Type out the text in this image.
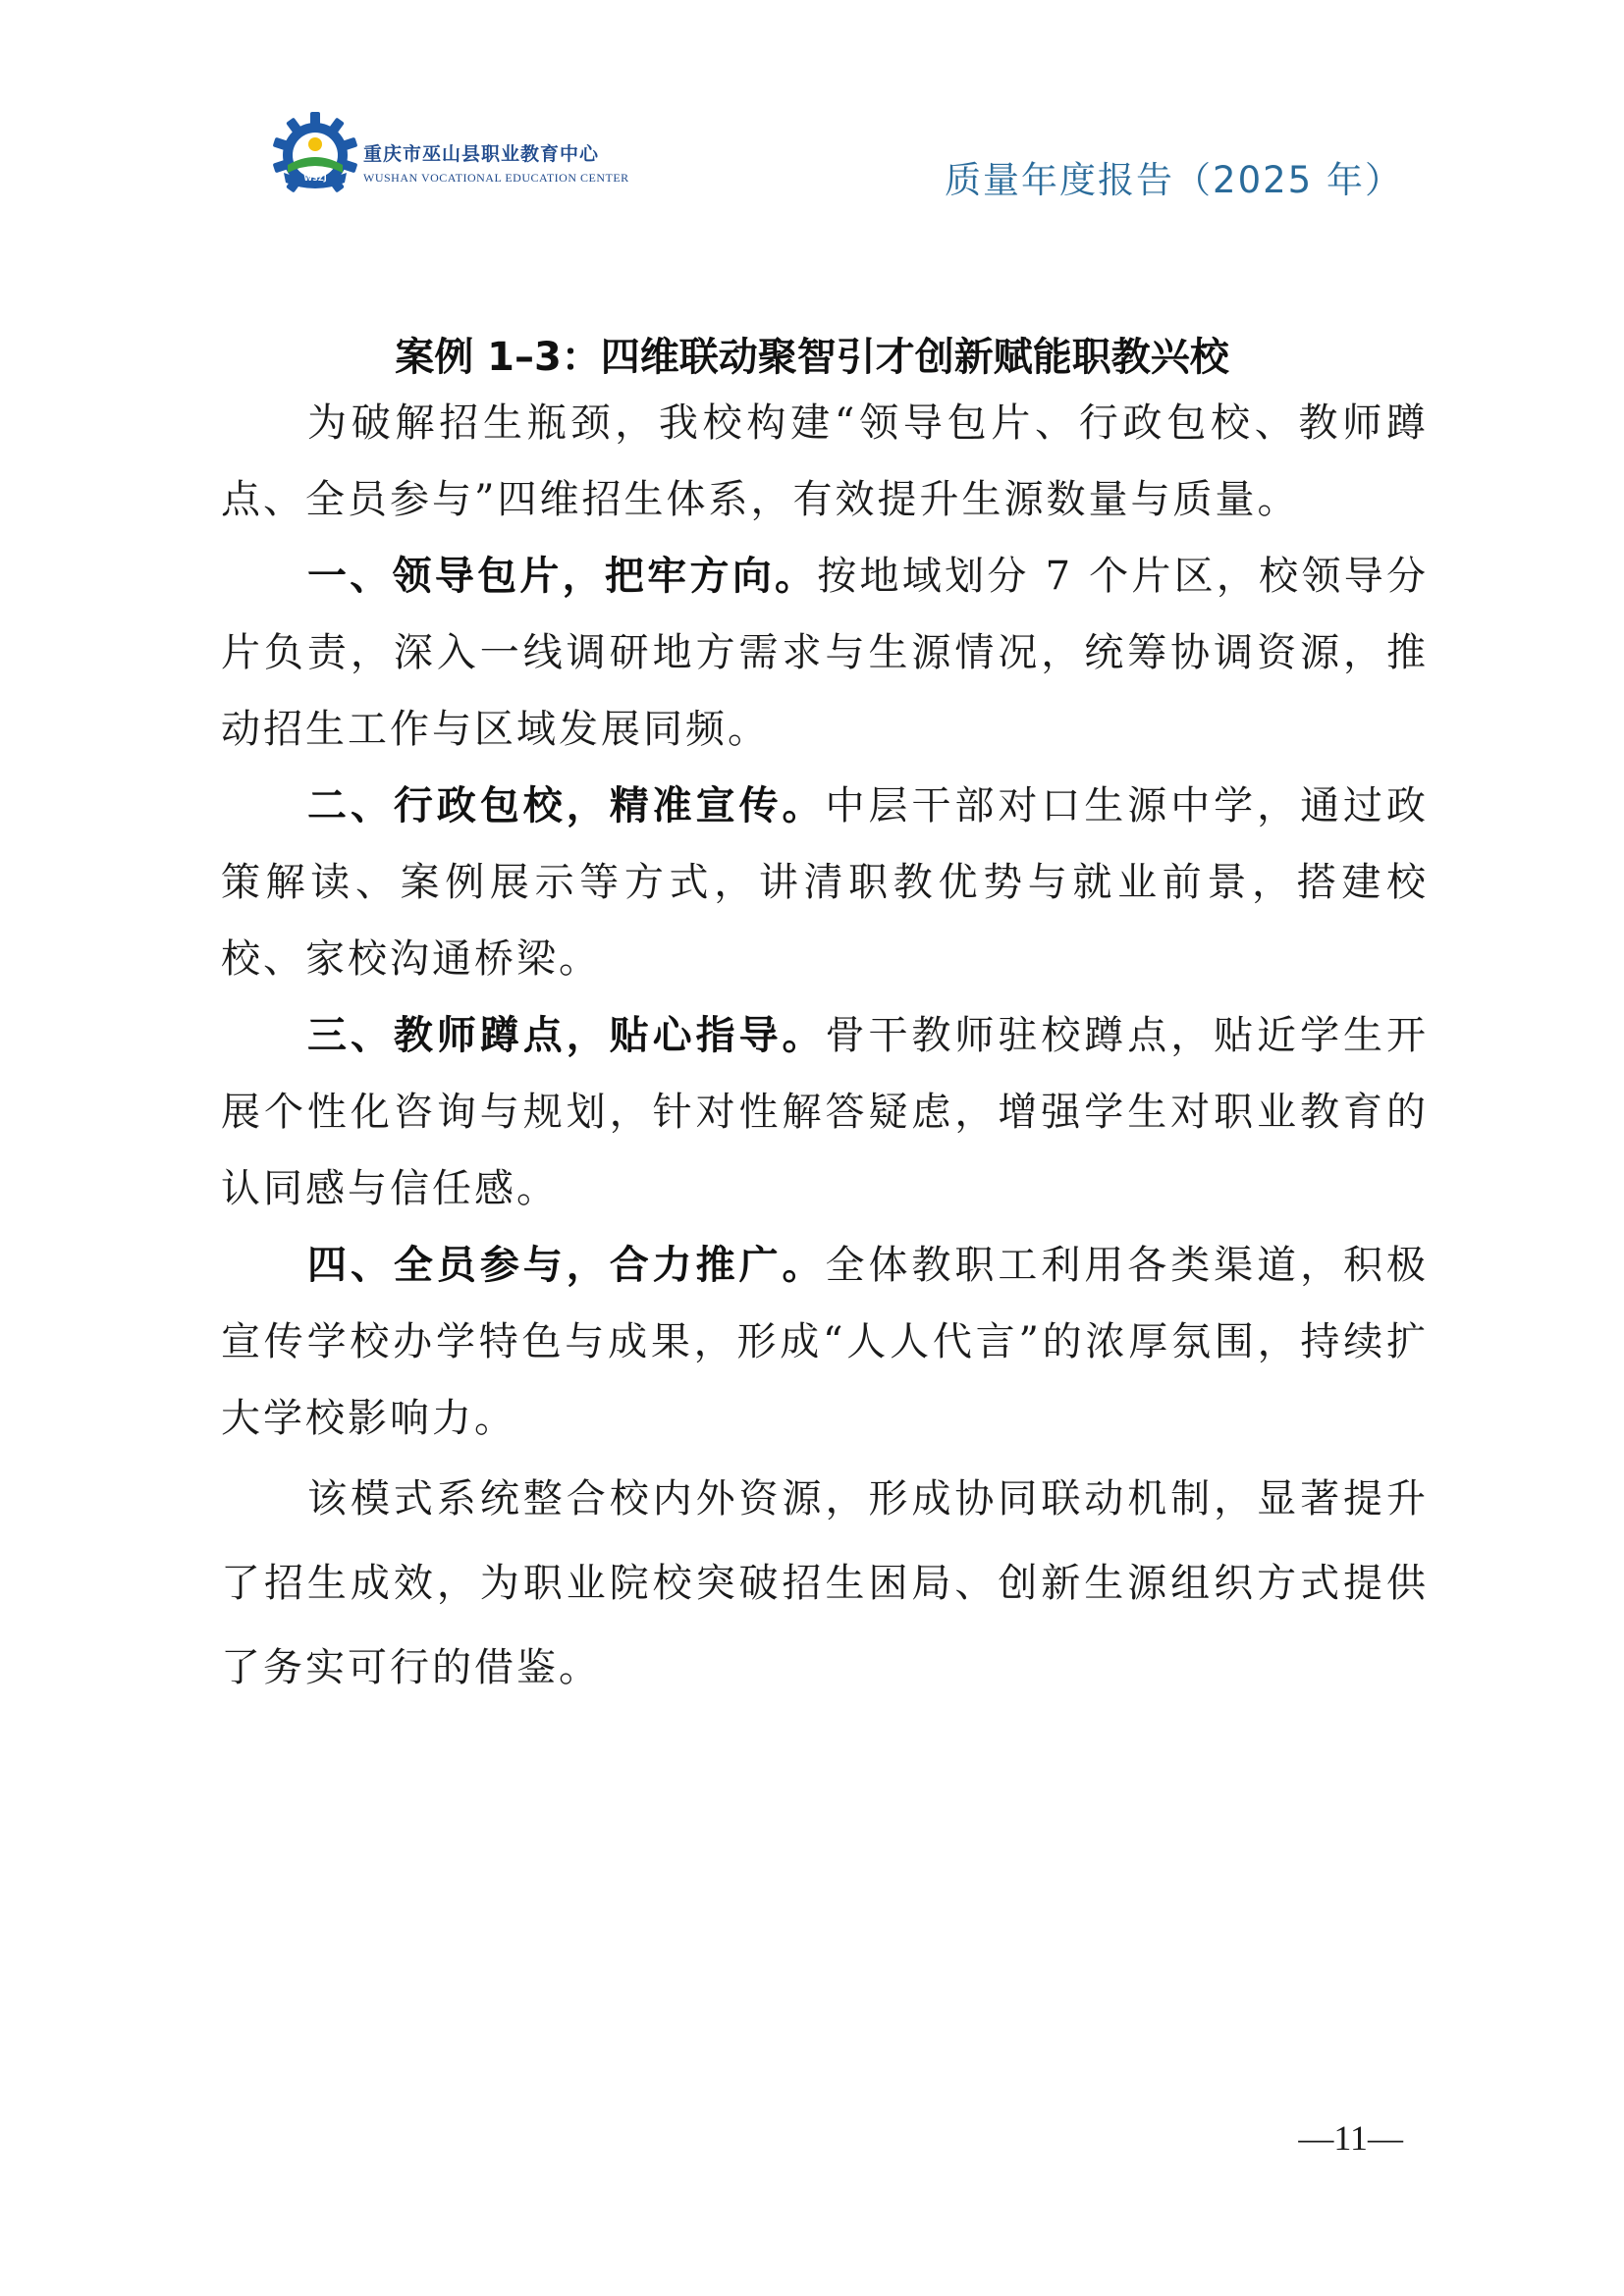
WSZJ
重庆市巫山县职业教育中心
WUSHAN VOCATIONAL EDUCATION CENTER	质量年度报告（2025 年）
案例 1–3：四维联动聚智引才创新赋能职教兴校

为破解招生瓶颈，我校构建“领导包片、行政包校、教师蹲点、全员参与”四维招生体系，有效提升生源数量与质量。

一、领导包片，把牢方向。按地域划分 7 个片区，校领导分片负责，深入一线调研地方需求与生源情况，统筹协调资源，推动招生工作与区域发展同频。

二、行政包校，精准宣传。中层干部对口生源中学，通过政策解读、案例展示等方式，讲清职教优势与就业前景，搭建校校、家校沟通桥梁。

三、教师蹲点，贴心指导。骨干教师驻校蹲点，贴近学生开展个性化咨询与规划，针对性解答疑虑，增强学生对职业教育的认同感与信任感。

四、全员参与，合力推广。全体教职工利用各类渠道，积极宣传学校办学特色与成果，形成“人人代言”的浓厚氛围，持续扩大学校影响力。

该模式系统整合校内外资源，形成协同联动机制，显著提升了招生成效，为职业院校突破招生困局、创新生源组织方式提供了务实可行的借鉴。

—11—
